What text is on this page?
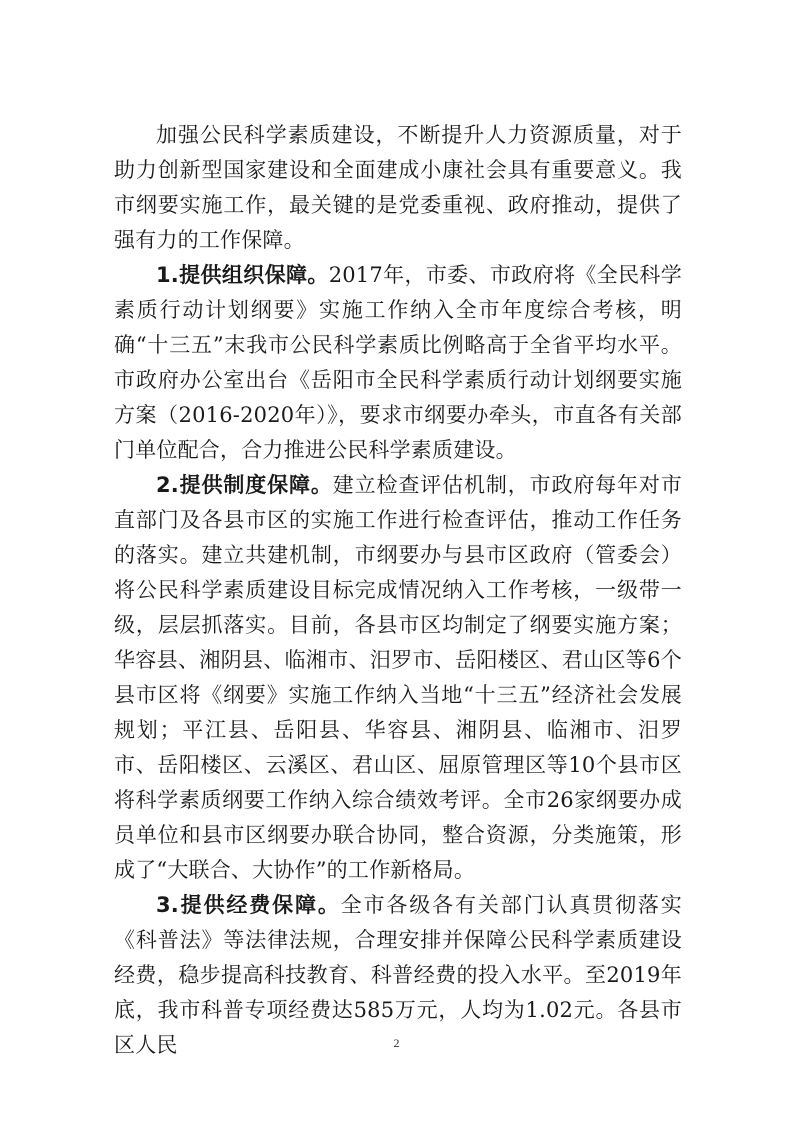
加强公民科学素质建设，不断提升人力资源质量，对于助力创新型国家建设和全面建成小康社会具有重要意义。我市纲要实施工作，最关键的是党委重视、政府推动，提供了强有力的工作保障。

1.提供组织保障。2017年，市委、市政府将《全民科学素质行动计划纲要》实施工作纳入全市年度综合考核，明确“十三五”末我市公民科学素质比例略高于全省平均水平。市政府办公室出台《岳阳市全民科学素质行动计划纲要实施方案（2016-2020年）》，要求市纲要办牵头，市直各有关部门单位配合，合力推进公民科学素质建设。

2.提供制度保障。建立检查评估机制，市政府每年对市直部门及各县市区的实施工作进行检查评估，推动工作任务的落实。建立共建机制，市纲要办与县市区政府（管委会）将公民科学素质建设目标完成情况纳入工作考核，一级带一级，层层抓落实。目前，各县市区均制定了纲要实施方案；华容县、湘阴县、临湘市、汨罗市、岳阳楼区、君山区等6个县市区将《纲要》实施工作纳入当地“十三五”经济社会发展规划；平江县、岳阳县、华容县、湘阴县、临湘市、汨罗市、岳阳楼区、云溪区、君山区、屈原管理区等10个县市区将科学素质纲要工作纳入综合绩效考评。全市26家纲要办成员单位和县市区纲要办联合协同，整合资源，分类施策，形成了“大联合、大协作”的工作新格局。

3.提供经费保障。全市各级各有关部门认真贯彻落实《科普法》等法律法规，合理安排并保障公民科学素质建设经费，稳步提高科技教育、科普经费的投入水平。至2019年底，我市科普专项经费达585万元，人均为1.02元。各县市区人民	2
